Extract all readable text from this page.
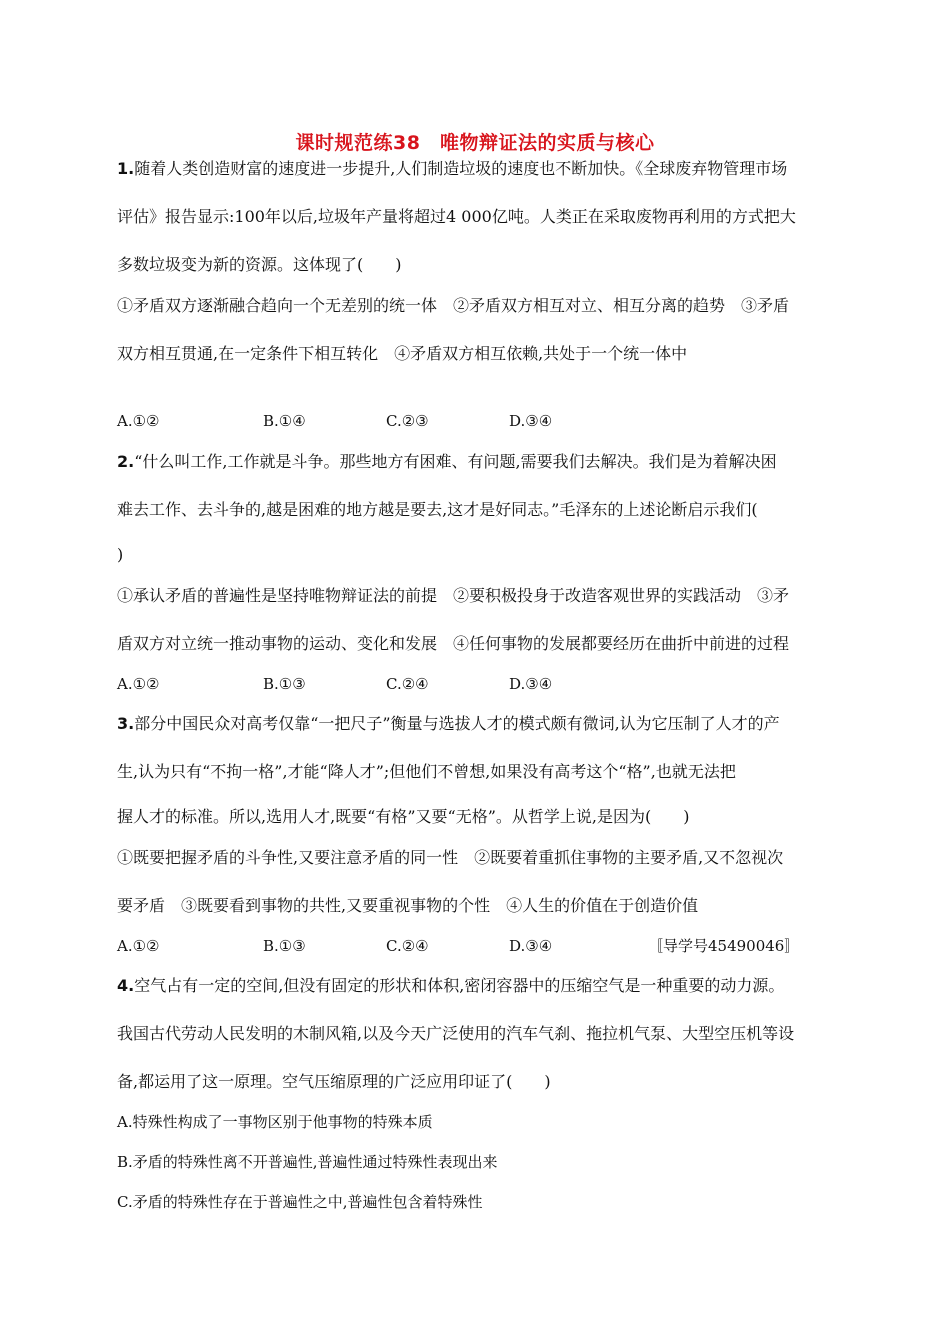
课时规范练38　唯物辩证法的实质与核心
1.随着人类创造财富的速度进一步提升,人们制造垃圾的速度也不断加快。《全球废弃物管理市场
评估》报告显示:100年以后,垃圾年产量将超过4 000亿吨。人类正在采取废物再利用的方式把大
多数垃圾变为新的资源。这体现了(　　)
①矛盾双方逐渐融合趋向一个无差别的统一体　②矛盾双方相互对立、相互分离的趋势　③矛盾
双方相互贯通,在一定条件下相互转化　④矛盾双方相互依赖,共处于一个统一体中
A.①②	B.①④	C.②③	D.③④
2.“什么叫工作,工作就是斗争。那些地方有困难、有问题,需要我们去解决。我们是为着解决困
难去工作、去斗争的,越是困难的地方越是要去,这才是好同志。”毛泽东的上述论断启示我们(
)
①承认矛盾的普遍性是坚持唯物辩证法的前提　②要积极投身于改造客观世界的实践活动　③矛
盾双方对立统一推动事物的运动、变化和发展　④任何事物的发展都要经历在曲折中前进的过程
A.①②	B.①③	C.②④	D.③④
3.部分中国民众对高考仅靠“一把尺子”衡量与选拔人才的模式颇有微词,认为它压制了人才的产
生,认为只有“不拘一格”,才能“降人才”;但他们不曾想,如果没有高考这个“格”,也就无法把
握人才的标准。所以,选用人才,既要“有格”又要“无格”。从哲学上说,是因为(　　)
①既要把握矛盾的斗争性,又要注意矛盾的同一性　②既要着重抓住事物的主要矛盾,又不忽视次
要矛盾　③既要看到事物的共性,又要重视事物的个性　④人生的价值在于创造价值
A.①②	B.①③	C.②④	D.③④	〚导学号45490046〛
4.空气占有一定的空间,但没有固定的形状和体积,密闭容器中的压缩空气是一种重要的动力源。
我国古代劳动人民发明的木制风箱,以及今天广泛使用的汽车气刹、拖拉机气泵、大型空压机等设
备,都运用了这一原理。空气压缩原理的广泛应用印证了(　　)
A.特殊性构成了一事物区别于他事物的特殊本质
B.矛盾的特殊性离不开普遍性,普遍性通过特殊性表现出来
C.矛盾的特殊性存在于普遍性之中,普遍性包含着特殊性
